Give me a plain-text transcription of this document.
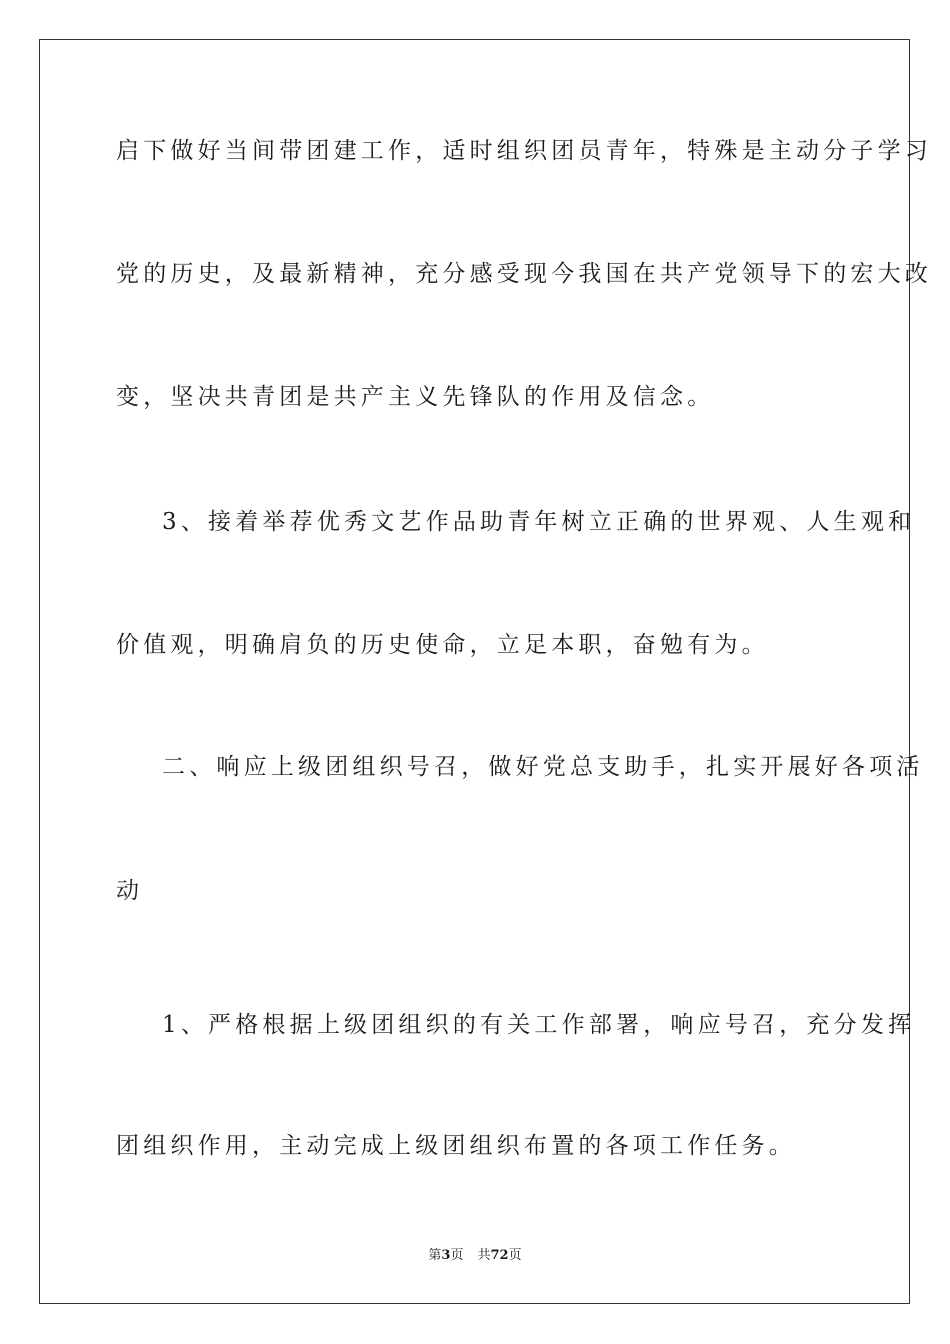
启下做好当间带团建工作，适时组织团员青年，特殊是主动分子学习
党的历史，及最新精神，充分感受现今我国在共产党领导下的宏大改
变，坚决共青团是共产主义先锋队的作用及信念。
3、接着举荐优秀文艺作品助青年树立正确的世界观、人生观和
价值观，明确肩负的历史使命，立足本职，奋勉有为。
二、响应上级团组织号召，做好党总支助手，扎实开展好各项活
动
1、严格根据上级团组织的有关工作部署，响应号召，充分发挥
团组织作用，主动完成上级团组织布置的各项工作任务。
第3页 共72页
